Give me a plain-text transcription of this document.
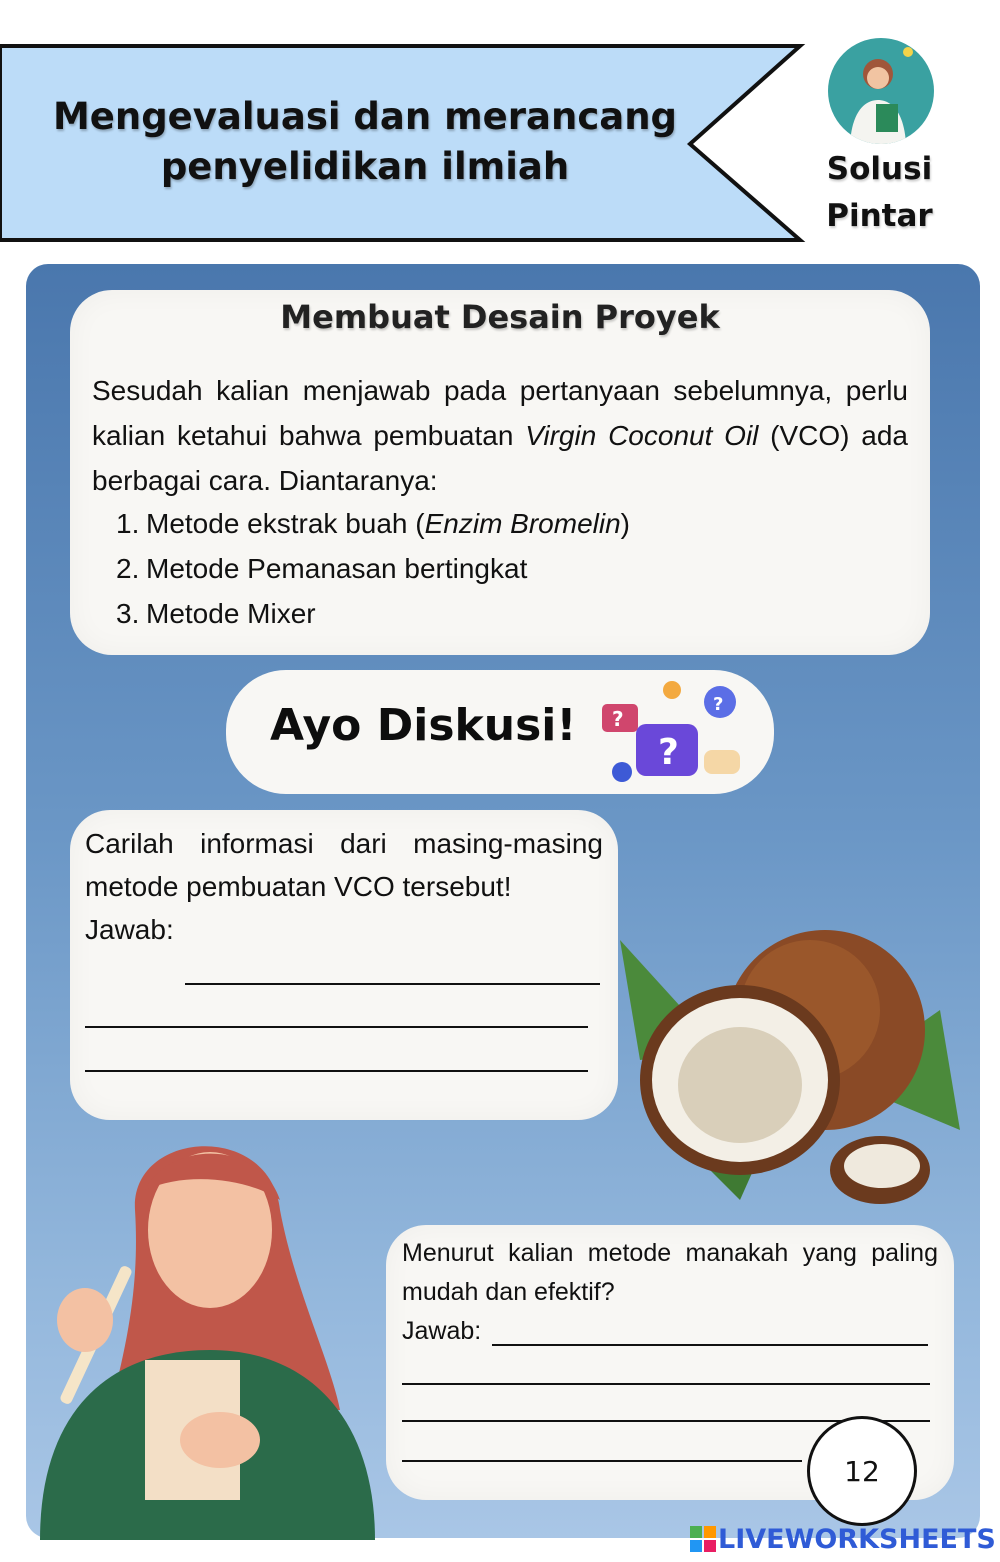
Mengevaluasi dan merancang
penyelidikan ilmiah	Solusi
Pintar
Membuat Desain Proyek
Sesudah kalian menjawab pada pertanyaan sebelumnya, perlu kalian ketahui bahwa pembuatan Virgin Coconut Oil (VCO) ada berbagai cara. Diantaranya:
1. Metode ekstrak buah (Enzim Bromelin)
2. Metode Pemanasan bertingkat
3. Metode Mixer
Ayo Diskusi! ?
?
?
Carilah informasi dari masing-masing metode pembuatan VCO tersebut!
Jawab:
Menurut kalian metode manakah yang paling mudah dan efektif?
Jawab:
12
LIVEWORKSHEETS
